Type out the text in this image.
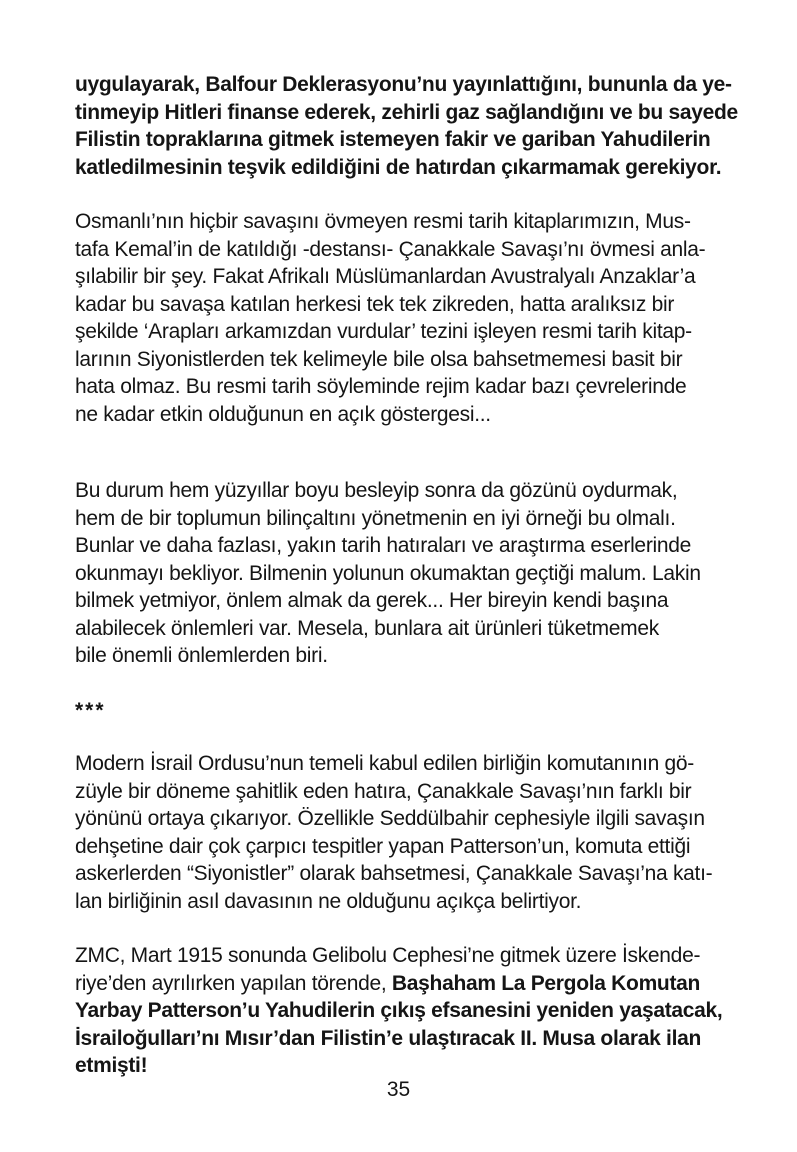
uygulayarak, Balfour Deklerasyonu’nu yayınlattığını, bununla da ye-
tinmeyip Hitleri finanse ederek, zehirli gaz sağlandığını ve bu sayede
Filistin topraklarına gitmek istemeyen fakir ve gariban Yahudilerin
katledilmesinin teşvik edildiğini de hatırdan çıkarmamak gerekiyor.
Osmanlı’nın hiçbir savaşını övmeyen resmi tarih kitaplarımızın, Mus-
tafa Kemal’in de katıldığı -destansı- Çanakkale Savaşı’nı övmesi anla-
şılabilir bir şey. Fakat Afrikalı Müslümanlardan Avustralyalı Anzaklar’a
kadar bu savaşa katılan herkesi tek tek zikreden, hatta aralıksız bir
şekilde ‘Arapları arkamızdan vurdular’ tezini işleyen resmi tarih kitap-
larının Siyonistlerden tek kelimeyle bile olsa bahsetmemesi basit bir
hata olmaz. Bu resmi tarih söyleminde rejim kadar bazı çevrelerinde
ne kadar etkin olduğunun en açık göstergesi...
Bu durum hem yüzyıllar boyu besleyip sonra da gözünü oydurmak,
hem de bir toplumun bilinçaltını yönetmenin en iyi örneği bu olmalı.
Bunlar ve daha fazlası, yakın tarih hatıraları ve araştırma eserlerinde
okunmayı bekliyor. Bilmenin yolunun okumaktan geçtiği malum. Lakin
bilmek yetmiyor, önlem almak da gerek... Her bireyin kendi başına
alabilecek önlemleri var. Mesela, bunlara ait ürünleri tüketmemek
bile önemli önlemlerden biri.
***
Modern İsrail Ordusu’nun temeli kabul edilen birliğin komutanının gö-
züyle bir döneme şahitlik eden hatıra, Çanakkale Savaşı’nın farklı bir
yönünü ortaya çıkarıyor. Özellikle Seddülbahir cephesiyle ilgili savaşın
dehşetine dair çok çarpıcı tespitler yapan Patterson’un, komuta ettiği
askerlerden “Siyonistler” olarak bahsetmesi, Çanakkale Savaşı’na katı-
lan birliğinin asıl davasının ne olduğunu açıkça belirtiyor.
ZMC, Mart 1915 sonunda Gelibolu Cephesi’ne gitmek üzere İskende-
riye’den ayrılırken yapılan törende, Başhaham La Pergola Komutan
Yarbay Patterson’u Yahudilerin çıkış efsanesini yeniden yaşatacak,
İsrailoğulları’nı Mısır’dan Filistin’e ulaştıracak II. Musa olarak ilan
etmişti!
35
